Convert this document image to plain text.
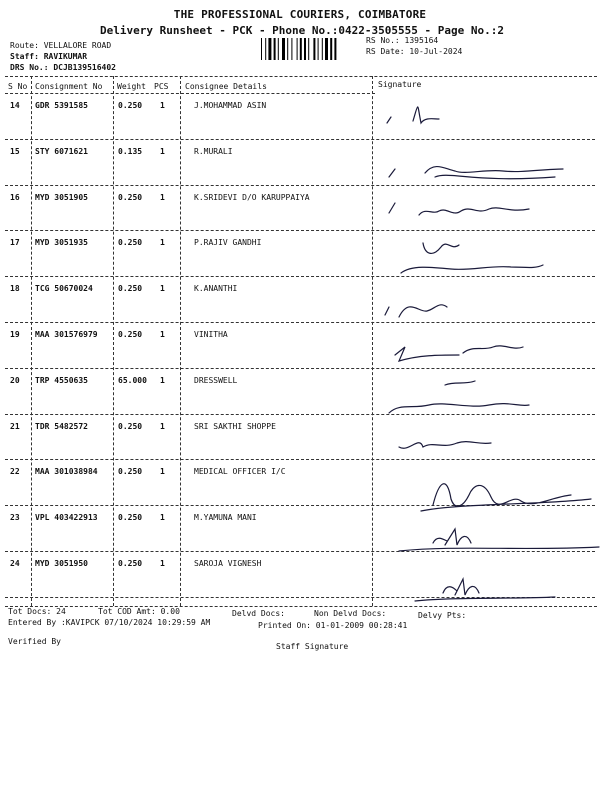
THE PROFESSIONAL COURIERS, COIMBATORE
Delivery Runsheet - PCK - Phone No.:0422-3505555 - Page No.:2
Route: VELLALORE ROAD
Staff: RAVIKUMAR
DRS No.: DCJB139516402
RS No.: 1395164
RS Date: 10-Jul-2024
S No Consignment No Weight PCS Consignee Details	Signature
14 GDR 5391585	0.250 1	J.MOHAMMAD ASIN
15 STY 6071621	0.135 1	R.MURALI
16 MYD 3051905	0.250 1	K.SRIDEVI D/O KARUPPAIYA
17 MYD 3051935	0.250 1	P.RAJIV GANDHI
18 TCG 50670024	0.250 1	K.ANANTHI
19 MAA 301576979	0.250 1	VINITHA
20 TRP 4550635	65.000 1	DRESSWELL
21 TDR 5482572	0.250 1	SRI SAKTHI SHOPPE
22 MAA 301038984	0.250 1	MEDICAL OFFICER I/C
23 VPL 403422913	0.250 1	M.YAMUNA MANI
24 MYD 3051950	0.250 1	SAROJA VIGNESH
Tot Docs: 24	Tot COD Amt: 0.00	Delvd Docs:	Non Delvd Docs:	Delvy Pts:
Entered By :KAVIPCK 07/10/2024 10:29:59 AM	Printed On: 01-01-2009 00:28:41
Verified By
Staff Signature
